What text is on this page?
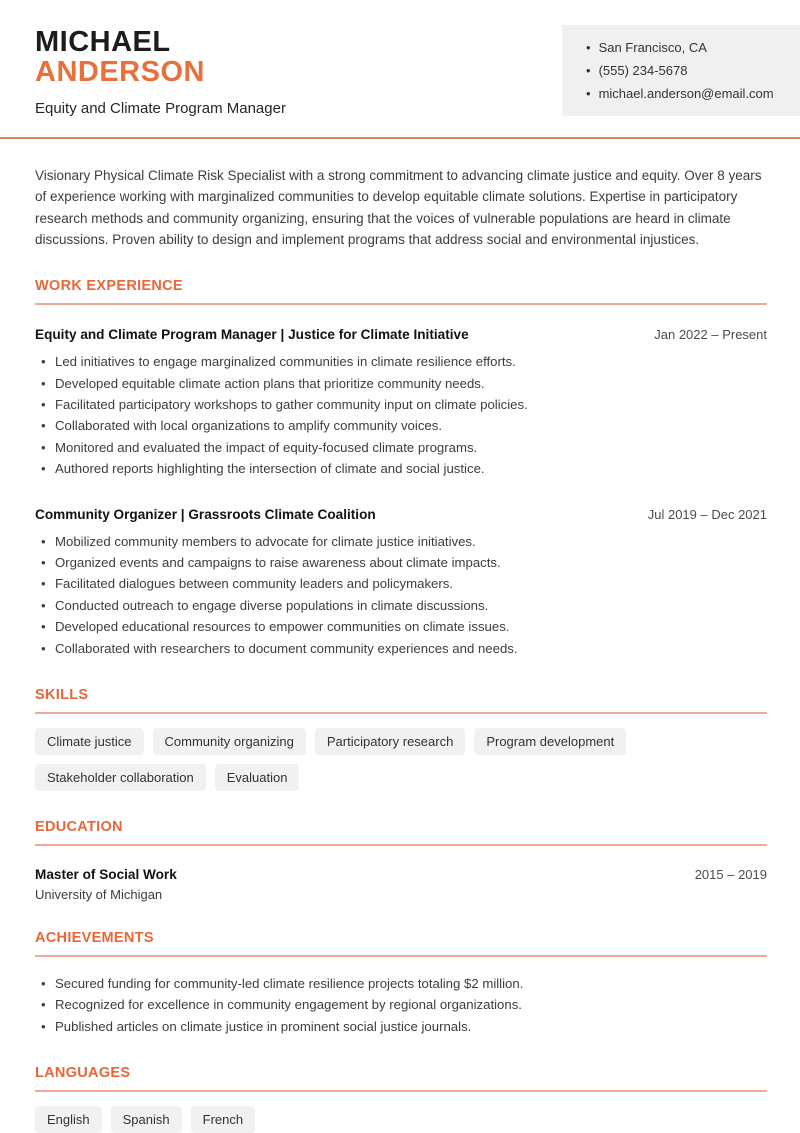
MICHAEL
ANDERSON
Equity and Climate Program Manager
• San Francisco, CA
• (555) 234-5678
• michael.anderson@email.com

Visionary Physical Climate Risk Specialist with a strong commitment to advancing climate justice and equity. Over 8 years of experience working with marginalized communities to develop equitable climate solutions. Expertise in participatory research methods and community organizing, ensuring that the voices of vulnerable populations are heard in climate discussions. Proven ability to design and implement programs that address social and environmental injustices.

WORK EXPERIENCE
Equity and Climate Program Manager | Justice for Climate Initiative	Jan 2022 – Present
• Led initiatives to engage marginalized communities in climate resilience efforts.
• Developed equitable climate action plans that prioritize community needs.
• Facilitated participatory workshops to gather community input on climate policies.
• Collaborated with local organizations to amplify community voices.
• Monitored and evaluated the impact of equity-focused climate programs.
• Authored reports highlighting the intersection of climate and social justice.
Community Organizer | Grassroots Climate Coalition	Jul 2019 – Dec 2021
• Mobilized community members to advocate for climate justice initiatives.
• Organized events and campaigns to raise awareness about climate impacts.
• Facilitated dialogues between community leaders and policymakers.
• Conducted outreach to engage diverse populations in climate discussions.
• Developed educational resources to empower communities on climate issues.
• Collaborated with researchers to document community experiences and needs.
SKILLS
Climate justice	Community organizing	Participatory research	Program development
Stakeholder collaboration	Evaluation
EDUCATION
Master of Social Work	2015 – 2019
University of Michigan
ACHIEVEMENTS
• Secured funding for community-led climate resilience projects totaling $2 million.
• Recognized for excellence in community engagement by regional organizations.
• Published articles on climate justice in prominent social justice journals.
LANGUAGES
English	Spanish	French
